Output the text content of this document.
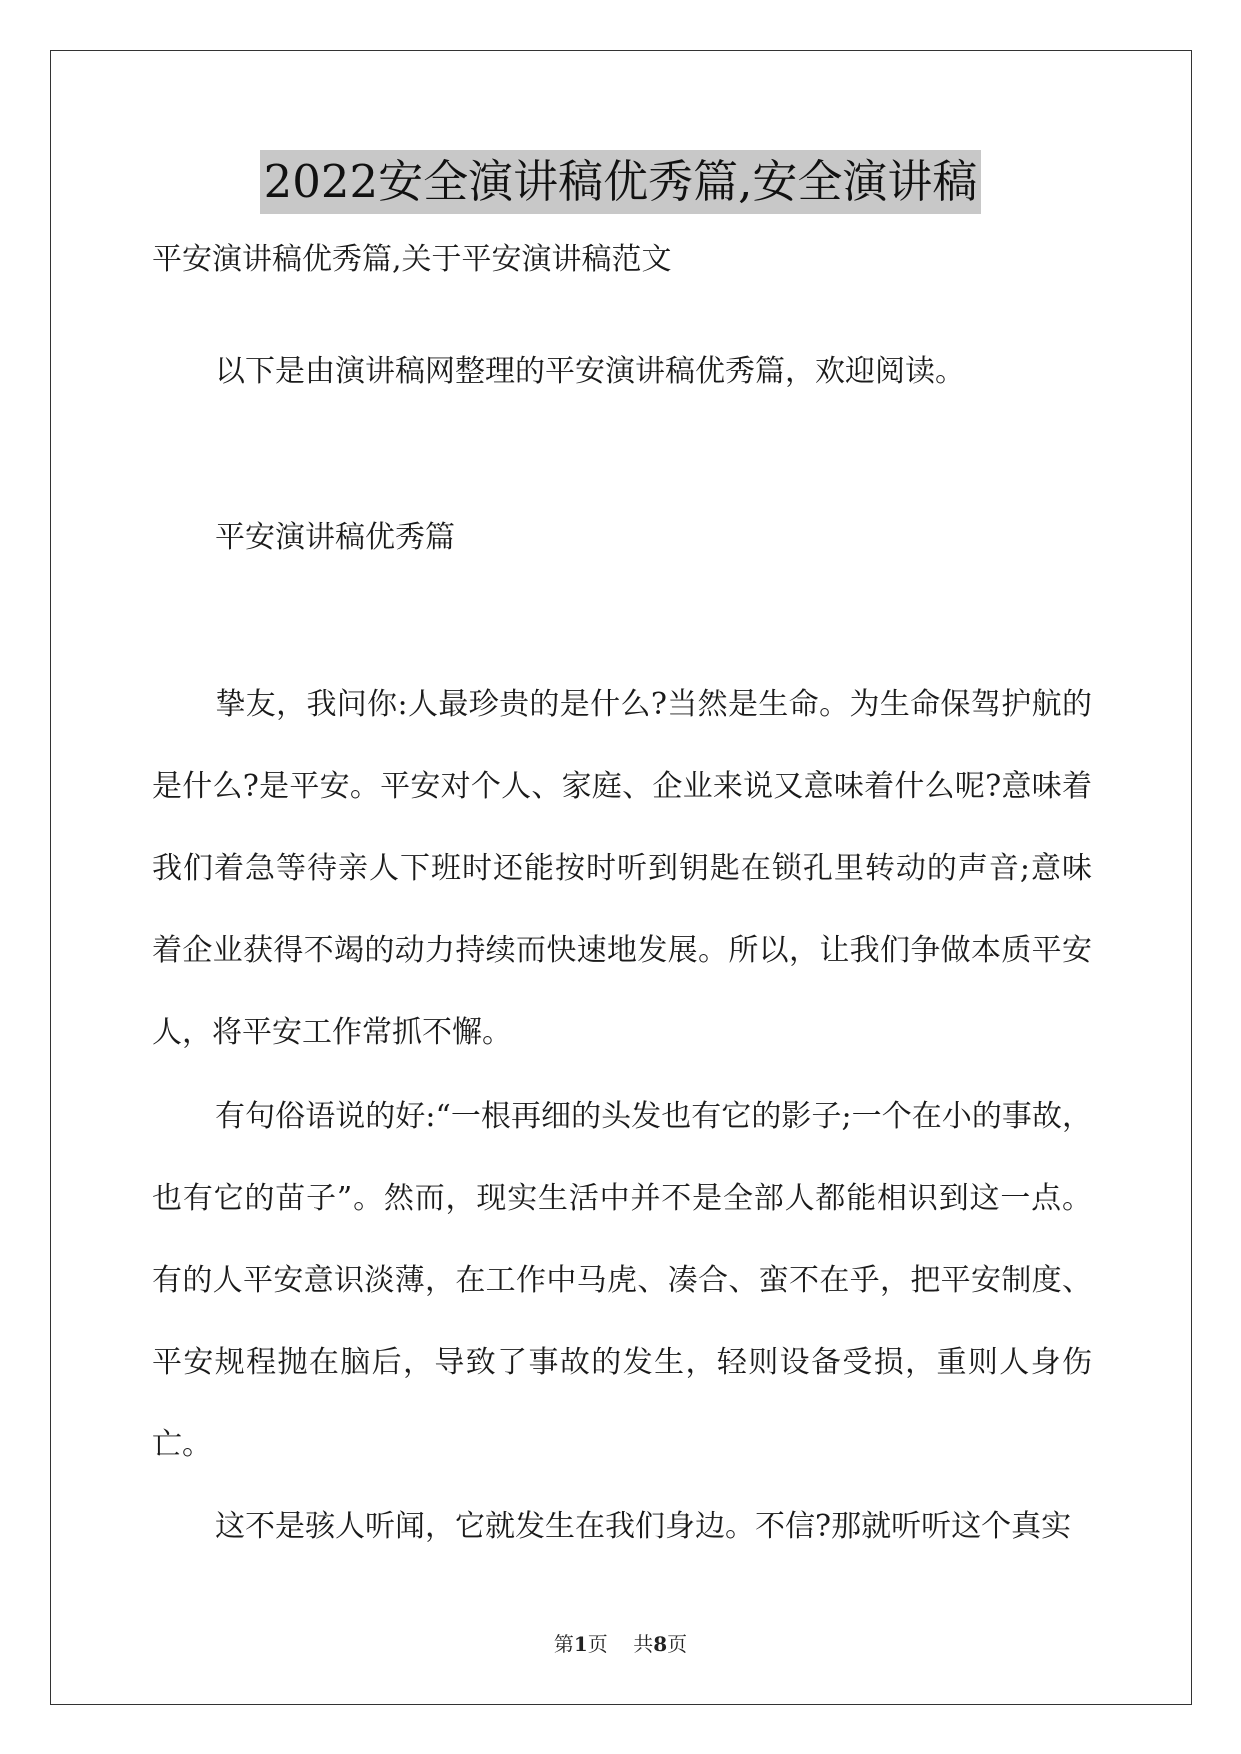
2022安全演讲稿优秀篇,安全演讲稿
平安演讲稿优秀篇,关于平安演讲稿范文

以下是由演讲稿网整理的平安演讲稿优秀篇，欢迎阅读。

平安演讲稿优秀篇

挚友，我问你:人最珍贵的是什么?当然是生命。为生命保驾护航的是什么?是平安。平安对个人、家庭、企业来说又意味着什么呢?意味着我们着急等待亲人下班时还能按时听到钥匙在锁孔里转动的声音;意味着企业获得不竭的动力持续而快速地发展。所以，让我们争做本质平安人，将平安工作常抓不懈。

有句俗语说的好:“一根再细的头发也有它的影子;一个在小的事故，也有它的苗子”。然而，现实生活中并不是全部人都能相识到这一点。有的人平安意识淡薄，在工作中马虎、凑合、蛮不在乎，把平安制度、平安规程抛在脑后，导致了事故的发生，轻则设备受损，重则人身伤亡。

这不是骇人听闻，它就发生在我们身边。不信?那就听听这个真实

第1页 共8页
